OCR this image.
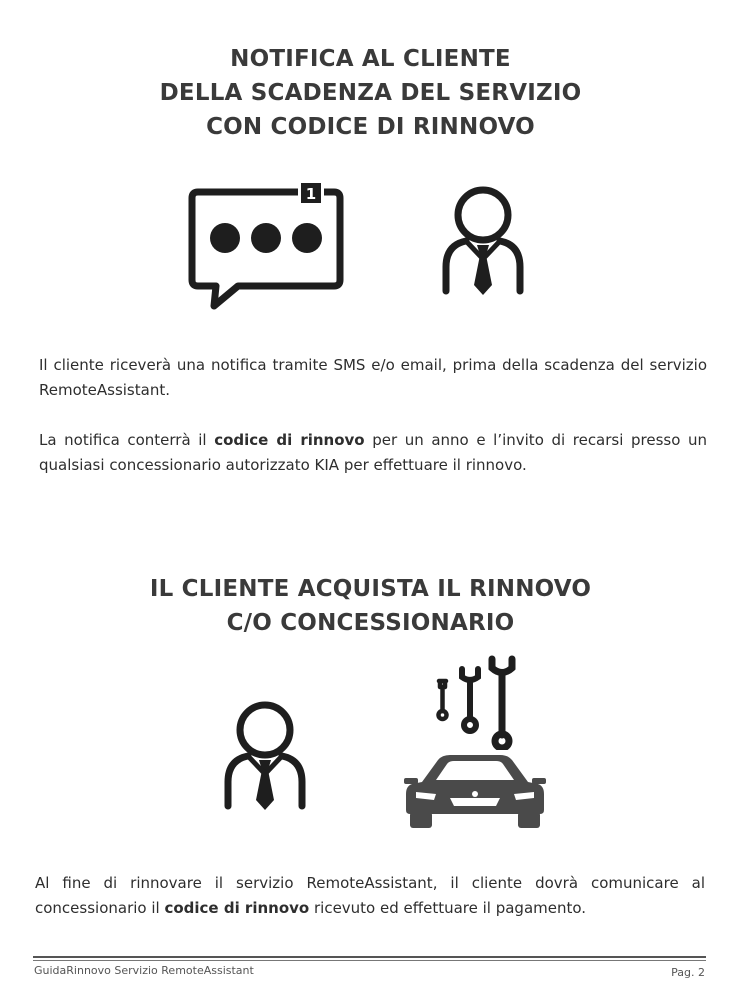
NOTIFICA AL CLIENTE
DELLA SCADENZA DEL SERVIZIO
CON CODICE DI RINNOVO
1
Il cliente riceverà una notifica tramite SMS e/o email, prima della scadenza del servizio RemoteAssistant.
La notifica conterrà il codice di rinnovo per un anno e l’invito di recarsi presso un qualsiasi concessionario autorizzato KIA per effettuare il rinnovo.
IL CLIENTE ACQUISTA IL RINNOVO
C/O CONCESSIONARIO
Al fine di rinnovare il servizio RemoteAssistant, il cliente dovrà comunicare al concessionario il codice di rinnovo ricevuto ed effettuare il pagamento.
GuidaRinnovo Servizio RemoteAssistant	Pag. 2
